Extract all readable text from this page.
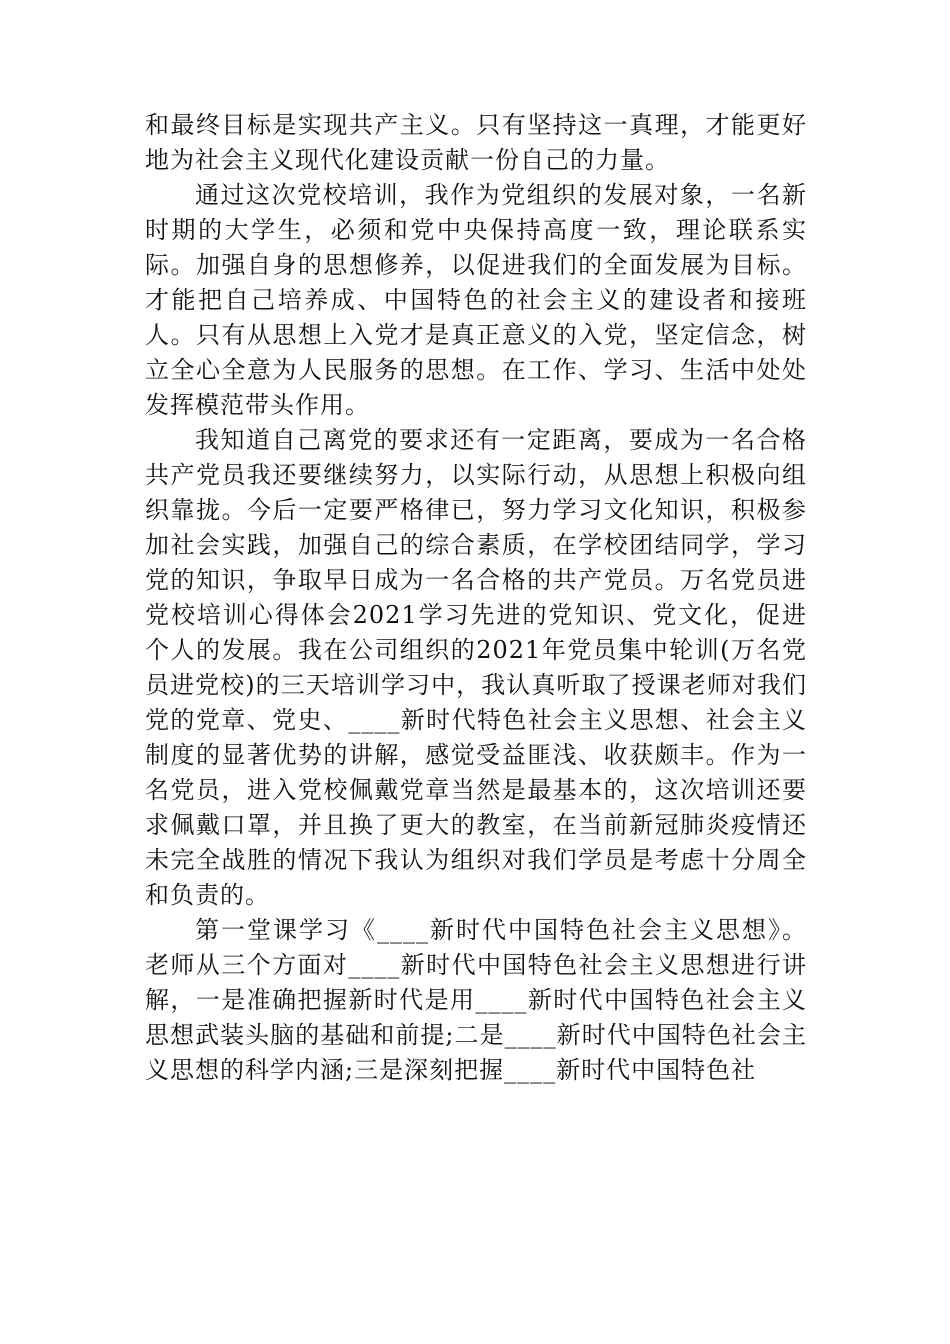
和最终目标是实现共产主义。只有坚持这一真理，才能更好地为社会主义现代化建设贡献一份自己的力量。

通过这次党校培训，我作为党组织的发展对象，一名新时期的大学生，必须和党中央保持高度一致，理论联系实际。加强自身的思想修养，以促进我们的全面发展为目标。才能把自己培养成、中国特色的社会主义的建设者和接班人。只有从思想上入党才是真正意义的入党，坚定信念，树立全心全意为人民服务的思想。在工作、学习、生活中处处发挥模范带头作用。

我知道自己离党的要求还有一定距离，要成为一名合格共产党员我还要继续努力，以实际行动，从思想上积极向组织靠拢。今后一定要严格律已，努力学习文化知识，积极参加社会实践，加强自己的综合素质，在学校团结同学，学习党的知识，争取早日成为一名合格的共产党员。万名党员进党校培训心得体会2021学习先进的党知识、党文化，促进个人的发展。我在公司组织的2021年党员集中轮训(万名党员进党校)的三天培训学习中，我认真听取了授课老师对我们党的党章、党史、____新时代特色社会主义思想、社会主义制度的显著优势的讲解，感觉受益匪浅、收获颇丰。作为一名党员，进入党校佩戴党章当然是最基本的，这次培训还要求佩戴口罩，并且换了更大的教室，在当前新冠肺炎疫情还未完全战胜的情况下我认为组织对我们学员是考虑十分周全和负责的。

第一堂课学习《____新时代中国特色社会主义思想》。老师从三个方面对____新时代中国特色社会主义思想进行讲解，一是准确把握新时代是用____新时代中国特色社会主义思想武装头脑的基础和前提;二是____新时代中国特色社会主义思想的科学内涵;三是深刻把握____新时代中国特色社
